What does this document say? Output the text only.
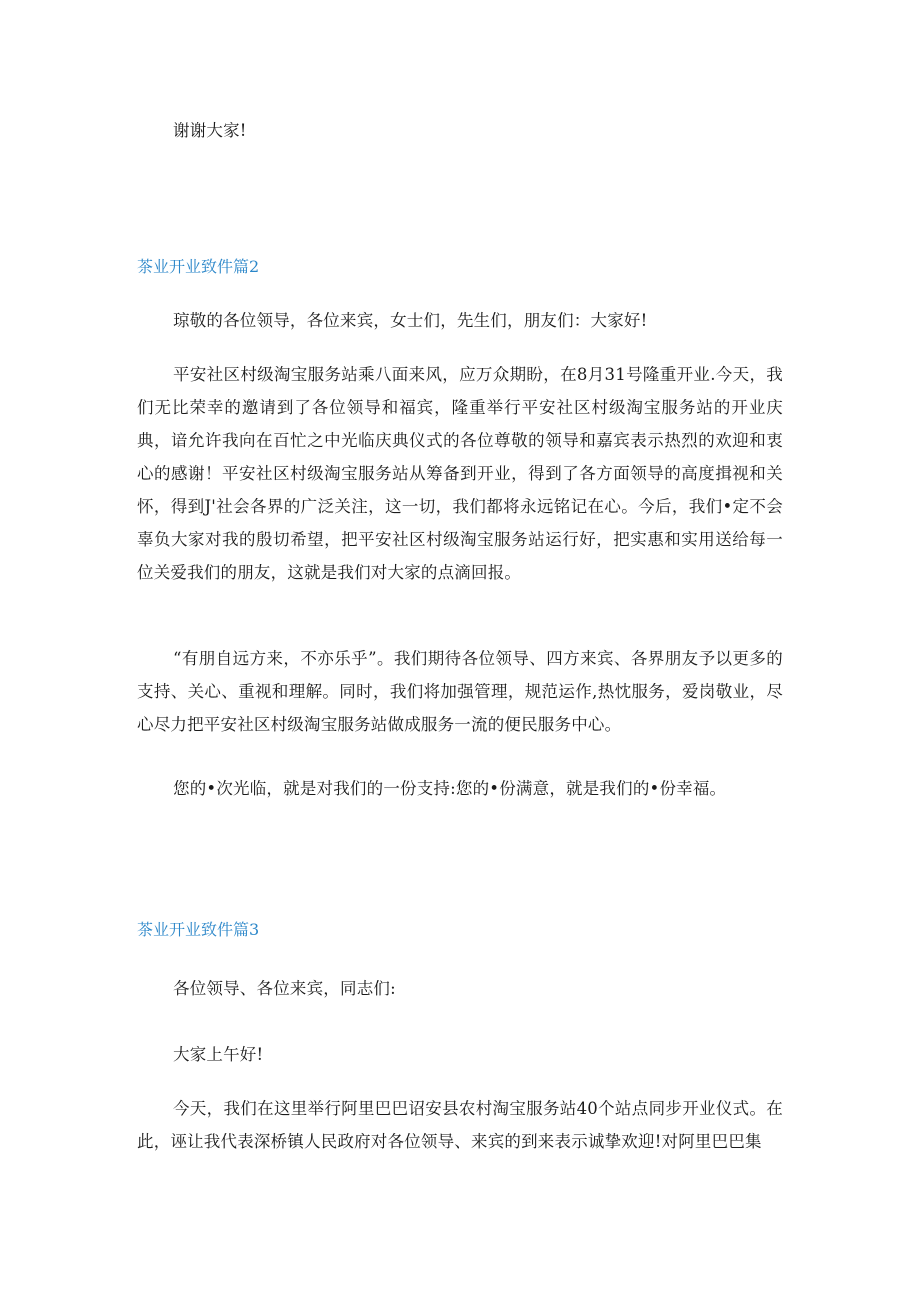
谢谢大家!

茶业开业致件篇2

琼敬的各位领导，各位来宾，女士们，先生们，朋友们：大家好!

平安社区村级淘宝服务站乘八面来风，应万众期盼，在8月31号隆重开业.今天，我们无比荣幸的邀请到了各位领导和福宾，隆重举行平安社区村级淘宝服务站的开业庆典，谙允许我向在百忙之中光临庆典仪式的各位尊敬的领导和嘉宾表示热烈的欢迎和衷心的感谢！平安社区村级淘宝服务站从筹备到开业，得到了各方面领导的高度揖视和关怀，得到J'社会各界的广泛关注，这一切，我们都将永远铭记在心。今后，我们•定不会辜负大家对我的殷切希望，把平安社区村级淘宝服务站运行好，把实惠和实用送给每一位关爱我们的朋友，这就是我们对大家的点滴回报。

“有朋自远方来，不亦乐乎”。我们期待各位领导、四方来宾、各界朋友予以更多的支持、关心、重视和理解。同时，我们将加强管理，规范运作,热忱服务，爱岗敬业，尽心尽力把平安社区村级淘宝服务站做成服务一流的便民服务中心。

您的•次光临，就是对我们的一份支持:您的•份满意，就是我们的•份幸福。

茶业开业致件篇3

各位领导、各位来宾，同志们:

大家上午好!

今天，我们在这里举行阿里巴巴诏安县农村淘宝服务站40个站点同步开业仪式。在此，诬让我代表深桥镇人民政府对各位领导、来宾的到来表示诚挚欢迎!对阿里巴巴集
